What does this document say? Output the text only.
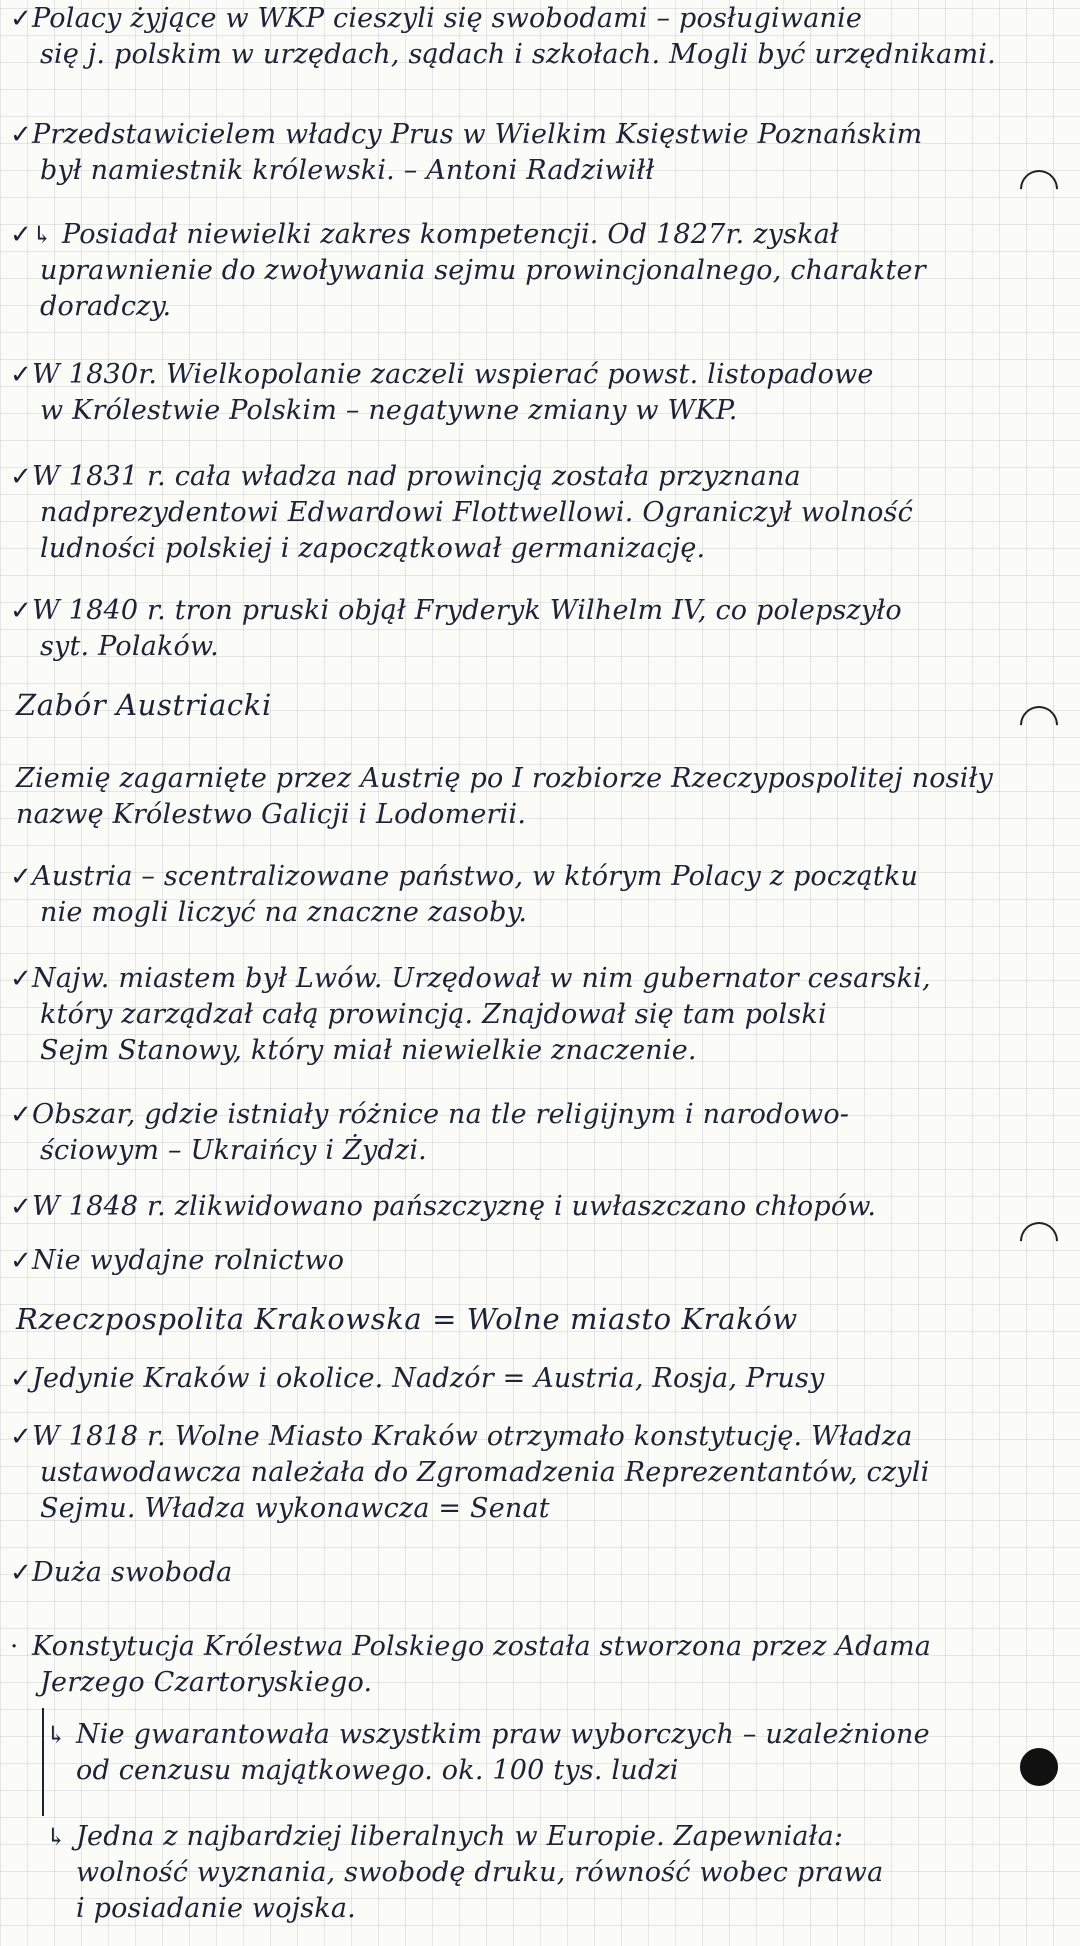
✓Polacy żyjące w WKP cieszyli się swobodami – posługiwanie
się j. polskim w urzędach, sądach i szkołach. Mogli być urzędnikami.
✓Przedstawicielem władcy Prus w Wielkim Księstwie Poznańskim
był namiestnik królewski. – Antoni Radziwiłł
✓↳ Posiadał niewielki zakres kompetencji. Od 1827r. zyskał
uprawnienie do zwoływania sejmu prowincjonalnego, charakter
doradczy.
✓W 1830r. Wielkopolanie zaczeli wspierać powst. listopadowe
w Królestwie Polskim – negatywne zmiany w WKP.
✓W 1831 r. cała władza nad prowincją została przyznana
nadprezydentowi Edwardowi Flottwellowi. Ograniczył wolność
ludności polskiej i zapoczątkował germanizację.
✓W 1840 r. tron pruski objął Fryderyk Wilhelm IV, co polepszyło
syt. Polaków.
Zabór Austriacki
Ziemię zagarnięte przez Austrię po I rozbiorze Rzeczypospolitej nosiły
nazwę Królestwo Galicji i Lodomerii.
✓Austria – scentralizowane państwo, w którym Polacy z początku
nie mogli liczyć na znaczne zasoby.
✓Najw. miastem był Lwów. Urzędował w nim gubernator cesarski,
który zarządzał całą prowincją. Znajdował się tam polski
Sejm Stanowy, który miał niewielkie znaczenie.
✓Obszar, gdzie istniały różnice na tle religijnym i narodowo-
ściowym – Ukraińcy i Żydzi.
✓W 1848 r. zlikwidowano pańszczyznę i uwłaszczano chłopów.
✓Nie wydajne rolnictwo
Rzeczpospolita Krakowska = Wolne miasto Kraków
✓Jedynie Kraków i okolice. Nadzór = Austria, Rosja, Prusy
✓W 1818 r. Wolne Miasto Kraków otrzymało konstytucję. Władza
ustawodawcza należała do Zgromadzenia Reprezentantów, czyli
Sejmu. Władza wykonawcza = Senat
✓Duża swoboda
· Konstytucja Królestwa Polskiego została stworzona przez Adama
Jerzego Czartoryskiego.
↳ Nie gwarantowała wszystkim praw wyborczych – uzależnione
od cenzusu majątkowego. ok. 100 tys. ludzi
↳ Jedna z najbardziej liberalnych w Europie. Zapewniała:
wolność wyznania, swobodę druku, równość wobec prawa
i posiadanie wojska.
